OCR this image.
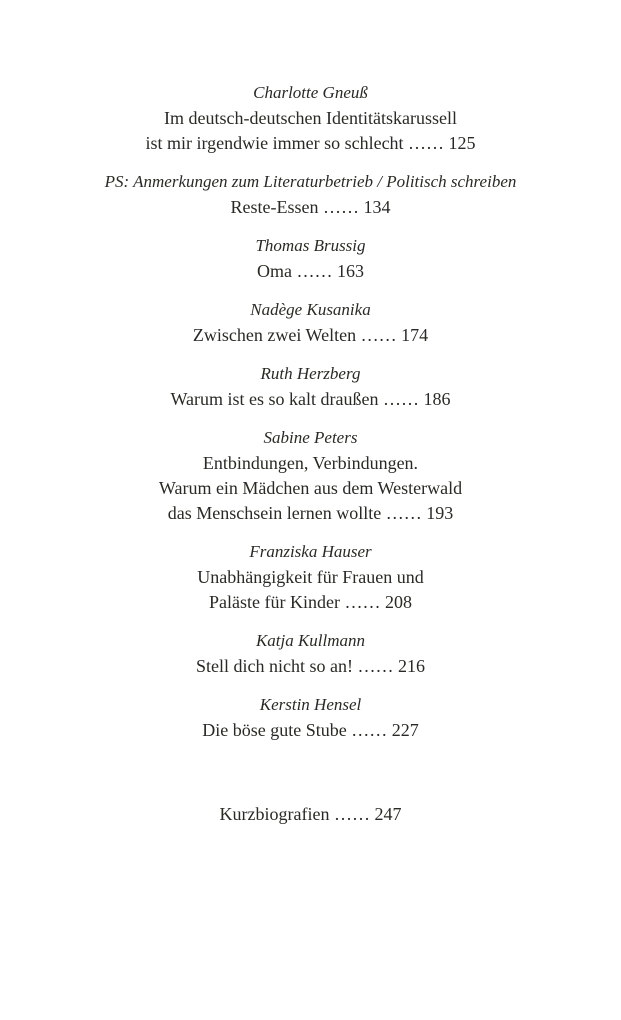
Charlotte Gneuß
Im deutsch-deutschen Identitätskarussell
ist mir irgendwie immer so schlecht …… 125
PS: Anmerkungen zum Literaturbetrieb / Politisch schreiben
Reste-Essen …… 134
Thomas Brussig
Oma …… 163
Nadège Kusanika
Zwischen zwei Welten …… 174
Ruth Herzberg
Warum ist es so kalt draußen …… 186
Sabine Peters
Entbindungen, Verbindungen.
Warum ein Mädchen aus dem Westerwald
das Menschsein lernen wollte …… 193
Franziska Hauser
Unabhängigkeit für Frauen und
Paläste für Kinder …… 208
Katja Kullmann
Stell dich nicht so an! …… 216
Kerstin Hensel
Die böse gute Stube …… 227
Kurzbiografien …… 247
